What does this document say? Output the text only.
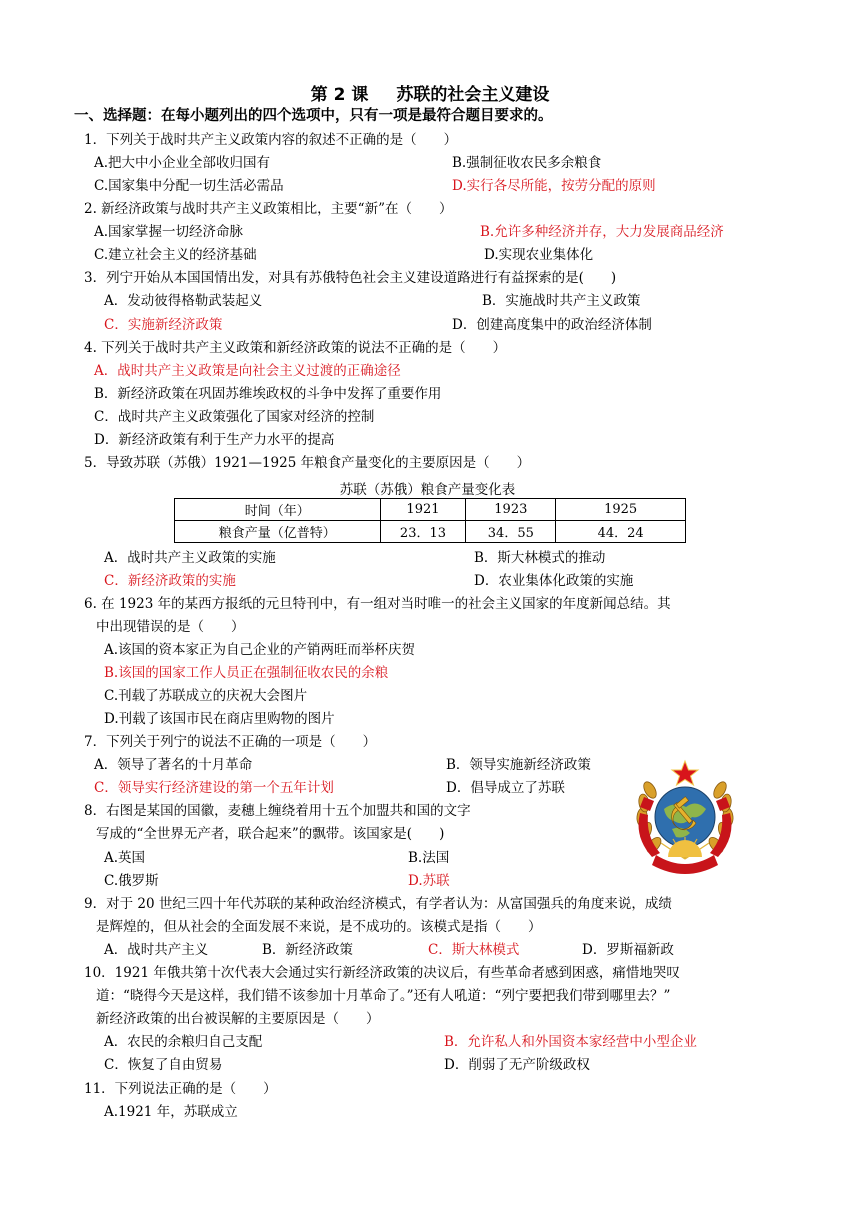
第 2 课 苏联的社会主义建设
一、选择题：在每小题列出的四个选项中，只有一项是最符合题目要求的。
1．下列关于战时共产主义政策内容的叙述不正确的是（　　）
A.把大中小企业全部收归国有	B.强制征收农民多余粮食
C.国家集中分配一切生活必需品	D.实行各尽所能，按劳分配的原则
2. 新经济政策与战时共产主义政策相比，主要“新”在（　　）
A.国家掌握一切经济命脉	B.允许多种经济并存，大力发展商品经济
C.建立社会主义的经济基础	D.实现农业集体化
3．列宁开始从本国国情出发，对具有苏俄特色社会主义建设道路进行有益探索的是(　　)
A．发动彼得格勒武装起义	B．实施战时共产主义政策
C．实施新经济政策	D．创建高度集中的政治经济体制
4. 下列关于战时共产主义政策和新经济政策的说法不正确的是（　　）
A．战时共产主义政策是向社会主义过渡的正确途径
B．新经济政策在巩固苏维埃政权的斗争中发挥了重要作用
C．战时共产主义政策强化了国家对经济的控制
D．新经济政策有利于生产力水平的提高
5．导致苏联（苏俄）1921—1925 年粮食产量变化的主要原因是（　　）
A．战时共产主义政策的实施	B．斯大林模式的推动
C．新经济政策的实施	D．农业集体化政策的实施
6. 在 1923 年的某西方报纸的元旦特刊中，有一组对当时唯一的社会主义国家的年度新闻总结。其
中出现错误的是（　　）
A.该国的资本家正为自己企业的产销两旺而举杯庆贺
B.该国的国家工作人员正在强制征收农民的余粮
C.刊载了苏联成立的庆祝大会图片
D.刊载了该国市民在商店里购物的图片
7．下列关于列宁的说法不正确的一项是（　　）
A．领导了著名的十月革命	B．领导实施新经济政策
C．领导实行经济建设的第一个五年计划	D．倡导成立了苏联
8．右图是某国的国徽，麦穗上缠绕着用十五个加盟共和国的文字
写成的“全世界无产者，联合起来”的飘带。该国家是(　　)
A.英国	B.法国
C.俄罗斯	D.苏联
9．对于 20 世纪三四十年代苏联的某种政治经济模式，有学者认为：从富国强兵的角度来说，成绩
是辉煌的，但从社会的全面发展不来说，是不成功的。该模式是指（　　）
A．战时共产主义	B．新经济政策	C．斯大林模式	D．罗斯福新政
10．1921 年俄共第十次代表大会通过实行新经济政策的决议后，有些革命者感到困惑，痛惜地哭叹
道：“晓得今天是这样，我们错不该参加十月革命了。”还有人吼道：“列宁要把我们带到哪里去？”
新经济政策的出台被误解的主要原因是（　　）
A．农民的余粮归自己支配	B．允许私人和外国资本家经营中小型企业
C．恢复了自由贸易	D．削弱了无产阶级政权
11．下列说法正确的是（　　）
A.1921 年，苏联成立
苏联（苏俄）粮食产量变化表
时间（年）	1921	1923	1925
粮食产量（亿普特）	23．13	34．55	44．24
